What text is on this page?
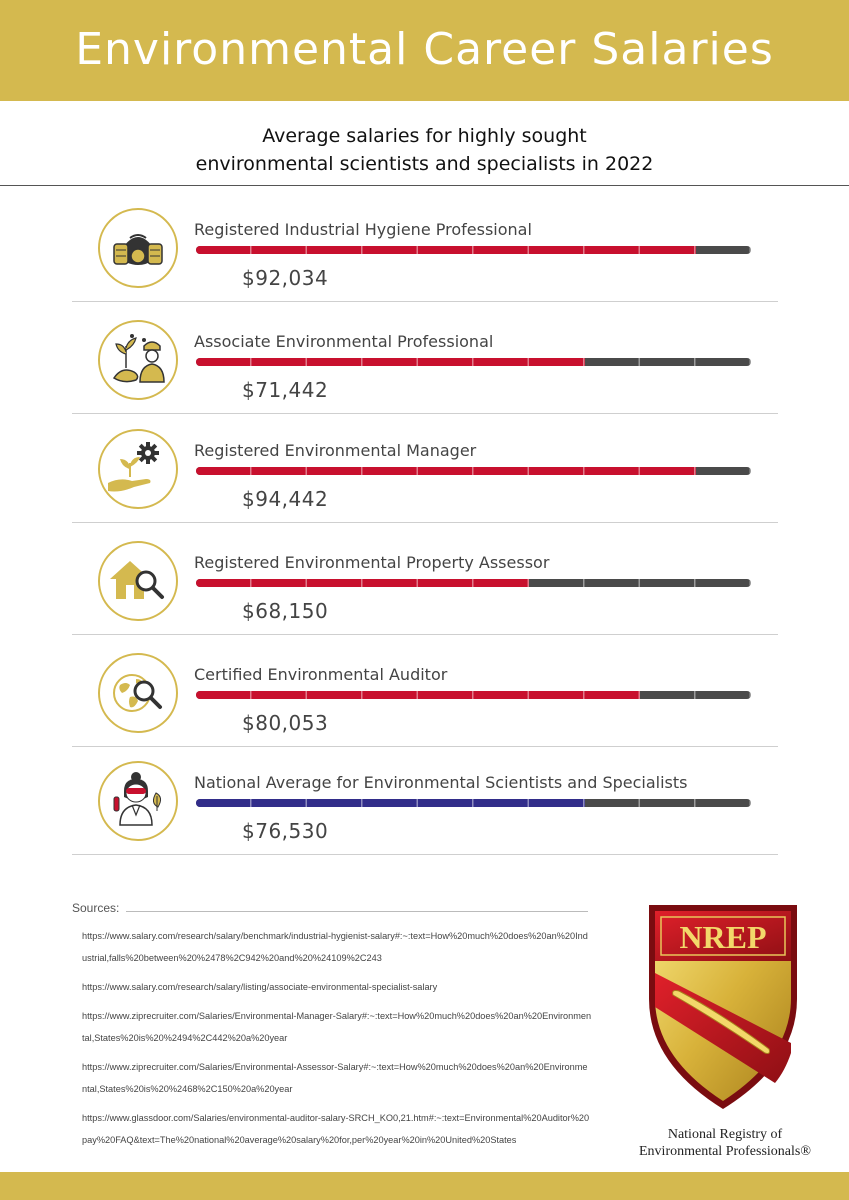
Environmental Career Salaries
Average salaries for highly sought
environmental scientists and specialists in 2022
Registered Industrial Hygiene Professional
$92,034
Associate Environmental Professional
$71,442
Registered Environmental Manager
$94,442
Registered Environmental Property Assessor
$68,150
Certified Environmental Auditor
$80,053
National Average for Environmental Scientists and Specialists
$76,530
Sources:
https://www.salary.com/research/salary/benchmark/industrial-hygienist-salary#:~:text=How%20much%20does%20an%20Industrial,falls%20between%20%2478%2C942%20and%20%24109%2C243
https://www.salary.com/research/salary/listing/associate-environmental-specialist-salary
https://www.ziprecruiter.com/Salaries/Environmental-Manager-Salary#:~:text=How%20much%20does%20an%20Environmental,States%20is%20%2494%2C442%20a%20year
https://www.ziprecruiter.com/Salaries/Environmental-Assessor-Salary#:~:text=How%20much%20does%20an%20Environmental,States%20is%20%2468%2C150%20a%20year
https://www.glassdoor.com/Salaries/environmental-auditor-salary-SRCH_KO0,21.htm#:~:text=Environmental%20Auditor%20pay%20FAQ&text=The%20national%20average%20salary%20for,per%20year%20in%20United%20States
NREP
National Registry of
Environmental Professionals®
